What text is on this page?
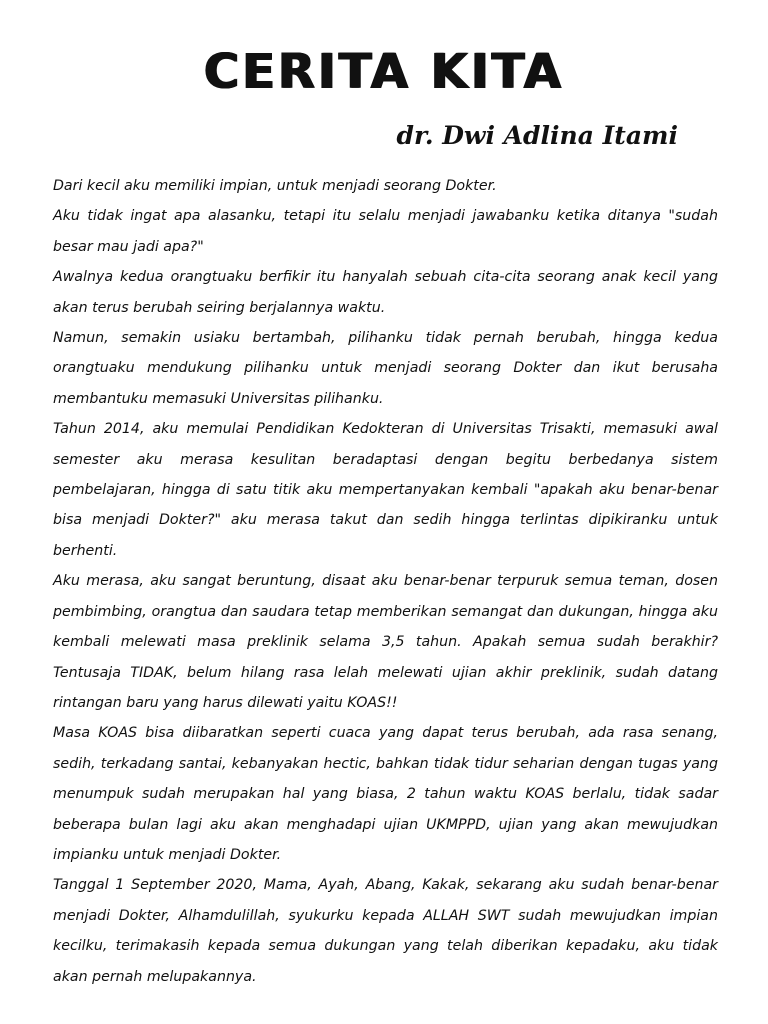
CERITA KITA
dr. Dwi Adlina Itami

Dari kecil aku memiliki impian, untuk menjadi seorang Dokter.

Aku tidak ingat apa alasanku, tetapi itu selalu menjadi jawabanku ketika ditanya "sudah besar mau jadi apa?"

Awalnya kedua orangtuaku berfikir itu hanyalah sebuah cita-cita seorang anak kecil yang akan terus berubah seiring berjalannya waktu.

Namun, semakin usiaku bertambah, pilihanku tidak pernah berubah, hingga kedua orangtuaku mendukung pilihanku untuk menjadi seorang Dokter dan ikut berusaha membantuku memasuki Universitas pilihanku.

Tahun 2014, aku memulai Pendidikan Kedokteran di Universitas Trisakti, memasuki awal semester aku merasa kesulitan beradaptasi dengan begitu berbedanya sistem pembelajaran, hingga di satu titik aku mempertanyakan kembali "apakah aku benar-benar bisa menjadi Dokter?" aku merasa takut dan sedih hingga terlintas dipikiranku untuk berhenti.

Aku merasa, aku sangat beruntung, disaat aku benar-benar terpuruk semua teman, dosen pembimbing, orangtua dan saudara tetap memberikan semangat dan dukungan, hingga aku kembali melewati masa preklinik selama 3,5 tahun. Apakah semua sudah berakhir? Tentusaja TIDAK, belum hilang rasa lelah melewati ujian akhir preklinik, sudah datang rintangan baru yang harus dilewati yaitu KOAS!!

Masa KOAS bisa diibaratkan seperti cuaca yang dapat terus berubah, ada rasa senang, sedih, terkadang santai, kebanyakan hectic, bahkan tidak tidur seharian dengan tugas yang menumpuk sudah merupakan hal yang biasa, 2 tahun waktu KOAS berlalu, tidak sadar beberapa bulan lagi aku akan menghadapi ujian UKMPPD, ujian yang akan mewujudkan impianku untuk menjadi Dokter.

Tanggal 1 September 2020, Mama, Ayah, Abang, Kakak, sekarang aku sudah benar-benar menjadi Dokter, Alhamdulillah, syukurku kepada ALLAH SWT sudah mewujudkan impian kecilku, terimakasih kepada semua dukungan yang telah diberikan kepadaku, aku tidak akan pernah melupakannya.
